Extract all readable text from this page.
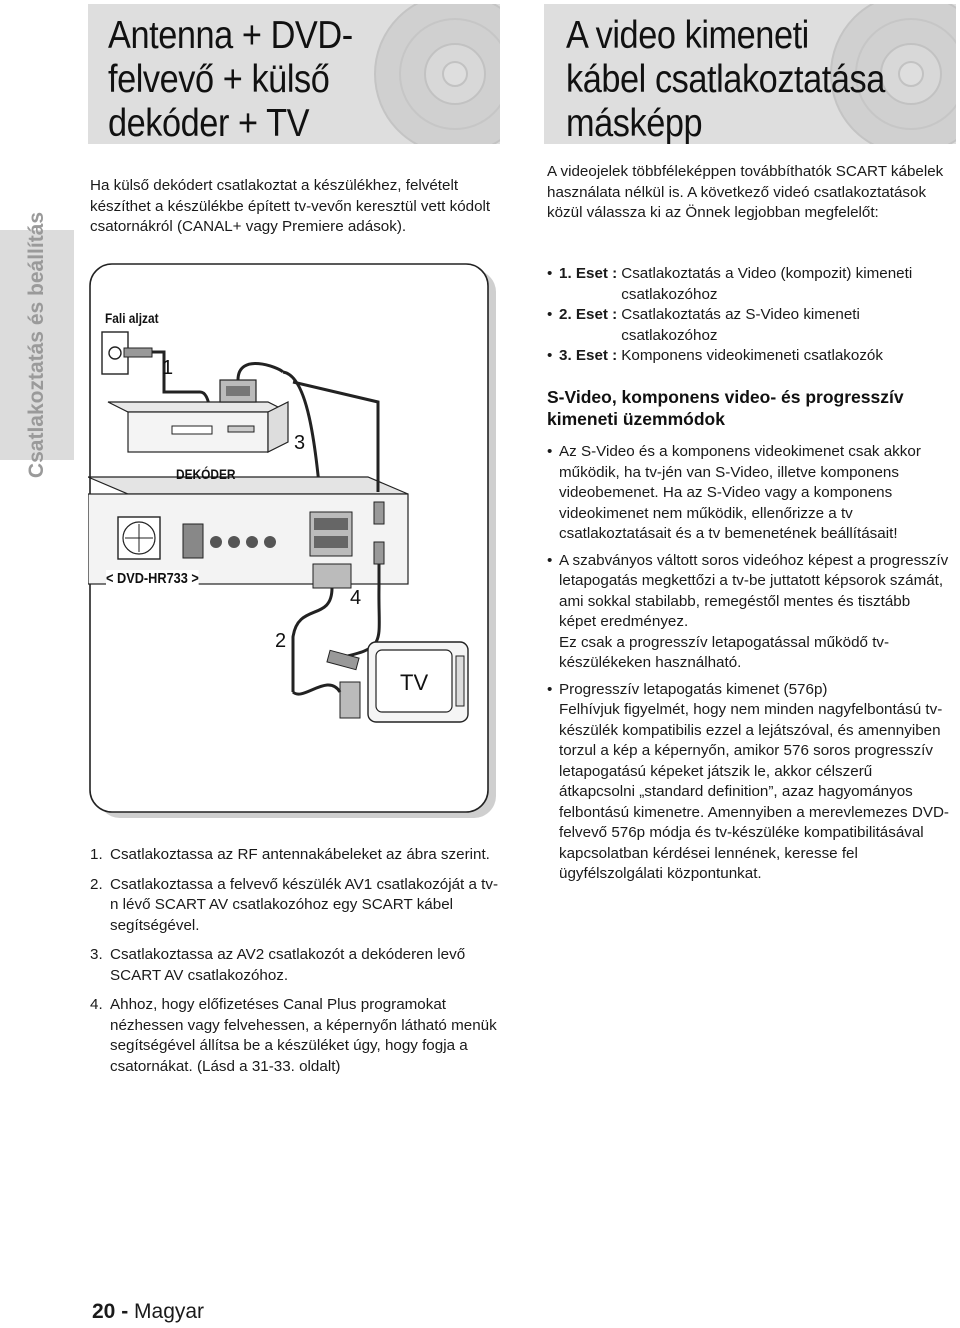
Csatlakoztatás és beállítás
Antenna + DVD-
felvevő + külső
dekóder + TV
A video kimeneti
kábel csatlakoztatása
másképp

Ha külső dekódert csatlakoztat a készülékhez, felvételt készíthet a készülékbe épített tv-vevőn keresztül vett kódolt csatornákról (CANAL+ vagy Premiere adások).

Fali aljzat
1
3
DEKÓDER
< DVD-HR733 >
4
2
TV
1. Csatlakoztassa az RF antennakábeleket az ábra szerint.
2. Csatlakoztassa a felvevő készülék AV1 csatlakozóját a tv-n lévő SCART AV csatlakozóhoz egy SCART kábel segítségével.
3. Csatlakoztassa az AV2 csatlakozót a dekóderen levő SCART AV csatlakozóhoz.
4. Ahhoz, hogy előfizetéses Canal Plus programokat nézhessen vagy felvehessen, a képernyőn látható menük segítségével állítsa be a készüléket úgy, hogy fogja a csatornákat. (Lásd a 31-33. oldalt)

A videojelek többféleképpen továbbíthatók SCART kábelek használata nélkül is. A következő videó csatlakoztatások közül válassza ki az Önnek legjobban megfelelőt:

• 1. Eset : Csatlakoztatás a Video (kompozit) kimeneti csatlakozóhoz
• 2. Eset : Csatlakoztatás az S-Video kimeneti csatlakozóhoz
• 3. Eset : Komponens videokimeneti csatlakozók
S-Video, komponens video- és progresszív kimeneti üzemmódok
• Az S-Video és a komponens videokimenet csak akkor működik, ha tv-jén van S-Video, illetve komponens videobemenet. Ha az S-Video vagy a komponens videokimenet nem működik, ellenőrizze a tv csatlakoztatásait és a tv bemenetének beállításait!
• A szabványos váltott soros videóhoz képest a progresszív letapogatás megkettőzi a tv-be juttatott képsorok számát, ami sokkal stabilabb, remegéstől mentes és tisztább képet eredményez.
Ez csak a progresszív letapogatással működő tv-készülékeken használható.
• Progresszív letapogatás kimenet (576p)
Felhívjuk figyelmét, hogy nem minden nagyfelbontású tv-készülék kompatibilis ezzel a lejátszóval, és amennyiben torzul a kép a képernyőn, amikor 576 soros progresszív letapogatású képeket játszik le, akkor célszerű átkapcsolni „standard definition”, azaz hagyományos felbontású kimenetre. Amennyiben a merevlemezes DVD-felvevő 576p módja és tv-készüléke kompatibilitásával kapcsolatban kérdései lennének, keresse fel ügyfélszolgálati központunkat.
20 - Magyar
